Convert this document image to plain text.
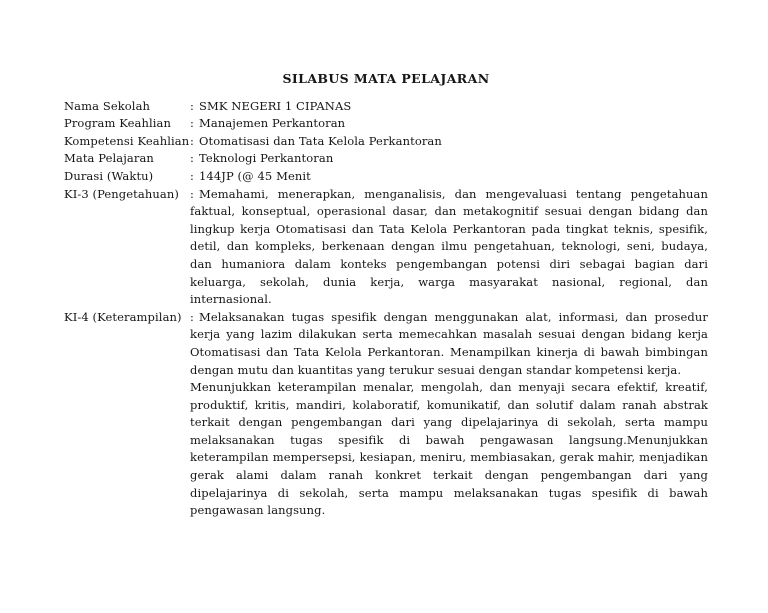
SILABUS MATA PELAJARAN
Nama Sekolah	: SMK NEGERI 1 CIPANAS

Program Keahlian	: Manajemen Perkantoran

Kompetensi Keahlian : Otomatisasi dan Tata Kelola Perkantoran

Mata Pelajaran	: Teknologi Perkantoran

Durasi (Waktu)	: 144JP (@ 45 Menit

KI-3 (Pengetahuan) : Memahami, menerapkan, menganalisis, dan mengevaluasi tentang pengetahuan faktual, konseptual, operasional dasar, dan metakognitif sesuai dengan bidang dan lingkup kerja Otomatisasi dan Tata Kelola Perkantoran pada tingkat teknis, spesifik, detil, dan kompleks, berkenaan dengan ilmu pengetahuan, teknologi, seni, budaya, dan humaniora dalam konteks pengembangan potensi diri sebagai bagian dari keluarga, sekolah, dunia kerja, warga masyarakat nasional, regional, dan internasional.

KI-4 (Keterampilan) : Melaksanakan tugas spesifik dengan menggunakan alat, informasi, dan prosedur kerja yang lazim dilakukan serta memecahkan masalah sesuai dengan bidang kerja Otomatisasi dan Tata Kelola Perkantoran. Menampilkan kinerja di bawah bimbingan dengan mutu dan kuantitas yang terukur sesuai dengan standar kompetensi kerja.

Menunjukkan keterampilan menalar, mengolah, dan menyaji secara efektif, kreatif, produktif, kritis, mandiri, kolaboratif, komunikatif, dan solutif dalam ranah abstrak terkait dengan pengembangan dari yang dipelajarinya di sekolah, serta mampu melaksanakan tugas spesifik di bawah pengawasan langsung.Menunjukkan keterampilan mempersepsi, kesiapan, meniru, membiasakan, gerak mahir, menjadikan gerak alami dalam ranah konkret terkait dengan pengembangan dari yang dipelajarinya di sekolah, serta mampu melaksanakan tugas spesifik di bawah pengawasan langsung.
